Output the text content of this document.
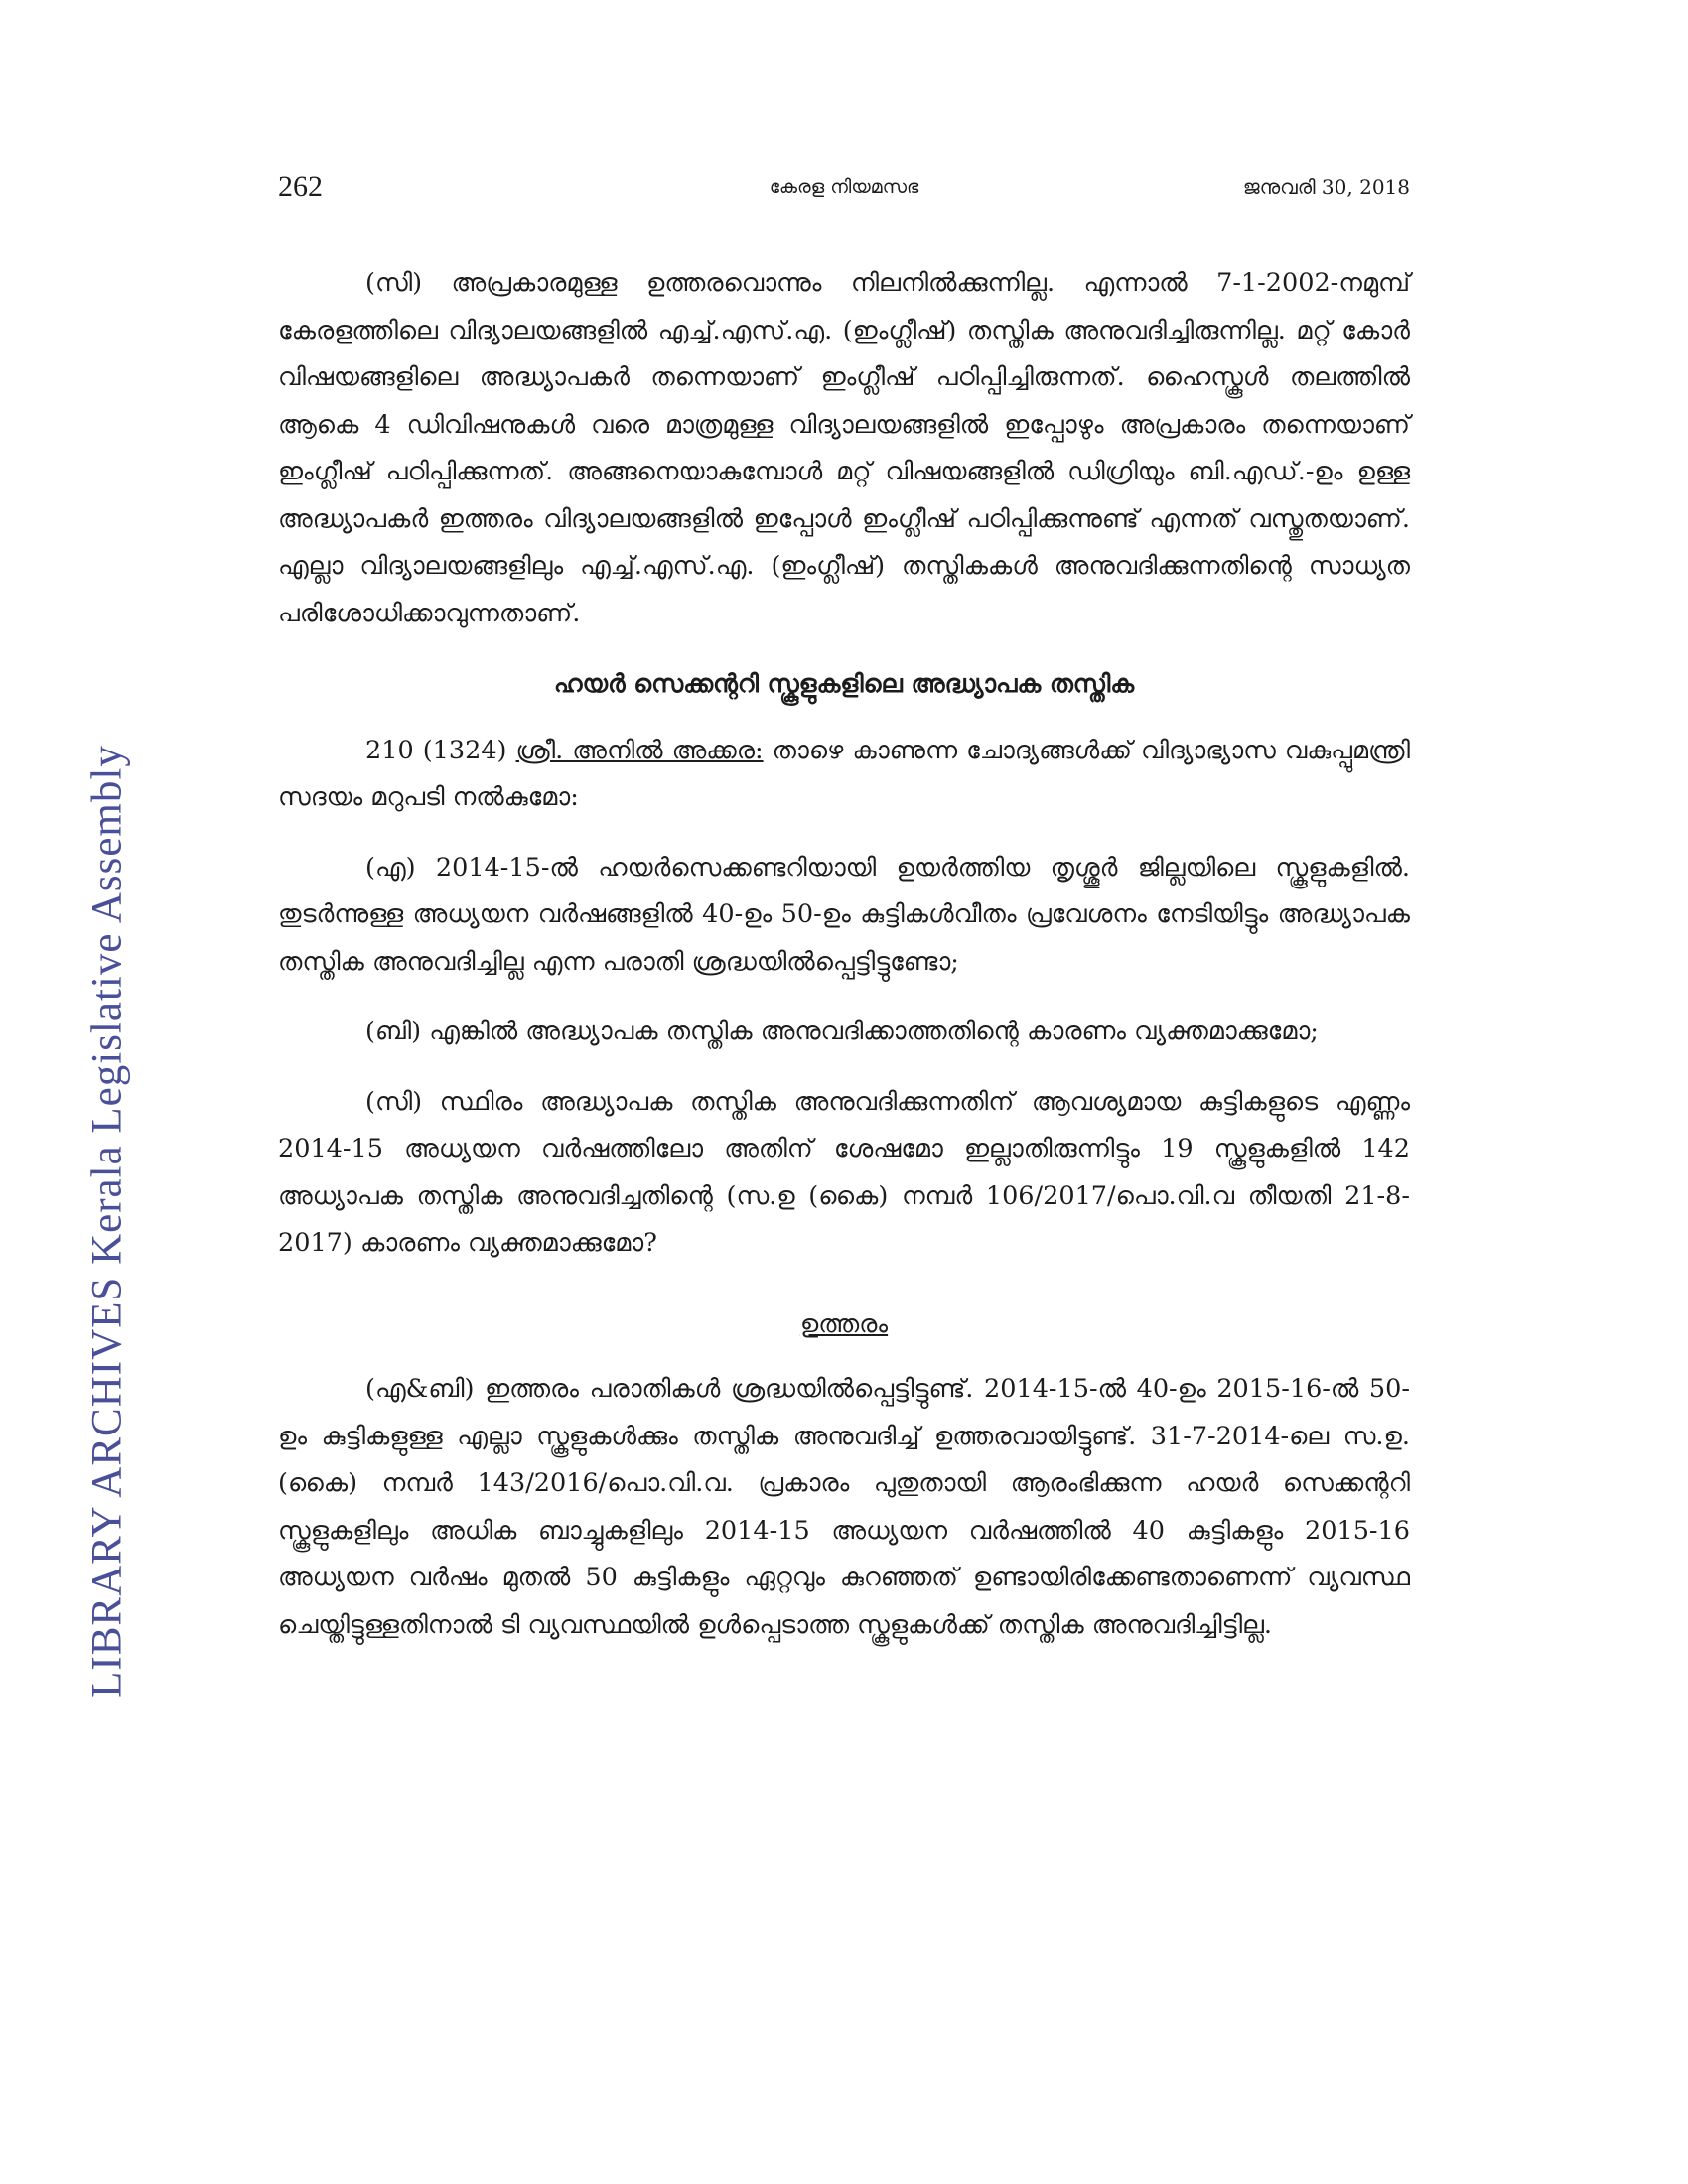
262	കേരള നിയമസഭ	ജനുവരി 30, 2018
LIBRARY ARCHIVES Kerala Legislative Assembly

(സി) അപ്രകാരമുള്ള ഉത്തരവൊന്നും നിലനിൽക്കുന്നില്ല. എന്നാൽ 7-1-2002-നമുമ്പ് കേരളത്തിലെ വിദ്യാലയങ്ങളിൽ എച്ച്.എസ്.എ. (ഇംഗ്ലീഷ്) തസ്തിക അനുവദിച്ചിരുന്നില്ല. മറ്റ് കോർ വിഷയങ്ങളിലെ അദ്ധ്യാപകർ തന്നെയാണ് ഇംഗ്ലീഷ് പഠിപ്പിച്ചിരുന്നത്. ഹൈസ്കൂൾ തലത്തിൽ ആകെ 4 ഡിവിഷനുകൾ വരെ മാത്രമുള്ള വിദ്യാലയങ്ങളിൽ ഇപ്പോഴും അപ്രകാരം തന്നെയാണ് ഇംഗ്ലീഷ് പഠിപ്പിക്കുന്നത്. അങ്ങനെയാകുമ്പോൾ മറ്റ് വിഷയങ്ങളിൽ ഡിഗ്രിയും ബി.എഡ്.-ഉം ഉള്ള അദ്ധ്യാപകർ ഇത്തരം വിദ്യാലയങ്ങളിൽ ഇപ്പോൾ ഇംഗ്ലീഷ് പഠിപ്പിക്കുന്നുണ്ട് എന്നത് വസ്തുതയാണ്. എല്ലാ വിദ്യാലയങ്ങളിലും എച്ച്.എസ്.എ. (ഇംഗ്ലീഷ്) തസ്തികകൾ അനുവദിക്കുന്നതിന്റെ സാധ്യത പരിശോധിക്കാവുന്നതാണ്.

ഹയർ സെക്കന്ററി സ്കൂളുകളിലെ അദ്ധ്യാപക തസ്തിക

210 (1324) ശ്രീ. അനിൽ അക്കര: താഴെ കാണുന്ന ചോദ്യങ്ങൾക്ക് വിദ്യാഭ്യാസ വകുപ്പുമന്ത്രി സദയം മറുപടി നൽകുമോ:

(എ) 2014-15-ൽ ഹയർസെക്കണ്ടറിയായി ഉയർത്തിയ തൃശ്ശൂർ ജില്ലയിലെ സ്കൂളുകളിൽ. തുടർന്നുള്ള അധ്യയന വർഷങ്ങളിൽ 40-ഉം 50-ഉം കുട്ടികൾവീതം പ്രവേശനം നേടിയിട്ടും അദ്ധ്യാപക തസ്തിക അനുവദിച്ചില്ല എന്ന പരാതി ശ്രദ്ധയിൽപ്പെട്ടിട്ടുണ്ടോ;

(ബി) എങ്കിൽ അദ്ധ്യാപക തസ്തിക അനുവദിക്കാത്തതിന്റെ കാരണം വ്യക്തമാക്കുമോ;

(സി) സ്ഥിരം അദ്ധ്യാപക തസ്തിക അനുവദിക്കുന്നതിന് ആവശ്യമായ കുട്ടികളുടെ എണ്ണം 2014-15 അധ്യയന വർഷത്തിലോ അതിന് ശേഷമോ ഇല്ലാതിരുന്നിട്ടും 19 സ്കൂളുകളിൽ 142 അധ്യാപക തസ്തിക അനുവദിച്ചതിന്റെ (സ.ഉ (കൈ) നമ്പർ 106/2017/പൊ.വി.വ തീയതി 21-8-2017) കാരണം വ്യക്തമാക്കുമോ?

ഉത്തരം

(എ&ബി) ഇത്തരം പരാതികൾ ശ്രദ്ധയിൽപ്പെട്ടിട്ടുണ്ട്. 2014-15-ൽ 40-ഉം 2015-16-ൽ 50-ഉം കുട്ടികളുള്ള എല്ലാ സ്കൂളുകൾക്കും തസ്തിക അനുവദിച്ച് ഉത്തരവായിട്ടുണ്ട്. 31-7-2014-ലെ സ.ഉ. (കൈ) നമ്പർ 143/2016/പൊ.വി.വ. പ്രകാരം പുതുതായി ആരംഭിക്കുന്ന ഹയർ സെക്കന്ററി സ്കൂളുകളിലും അധിക ബാച്ചുകളിലും 2014-15 അധ്യയന വർഷത്തിൽ 40 കുട്ടികളും 2015-16 അധ്യയന വർഷം മുതൽ 50 കുട്ടികളും ഏറ്റവും കുറഞ്ഞത് ഉണ്ടായിരിക്കേണ്ടതാണെന്ന് വ്യവസ്ഥ ചെയ്തിട്ടുള്ളതിനാൽ ടി വ്യവസ്ഥയിൽ ഉൾപ്പെടാത്ത സ്കൂളുകൾക്ക് തസ്തിക അനുവദിച്ചിട്ടില്ല.
